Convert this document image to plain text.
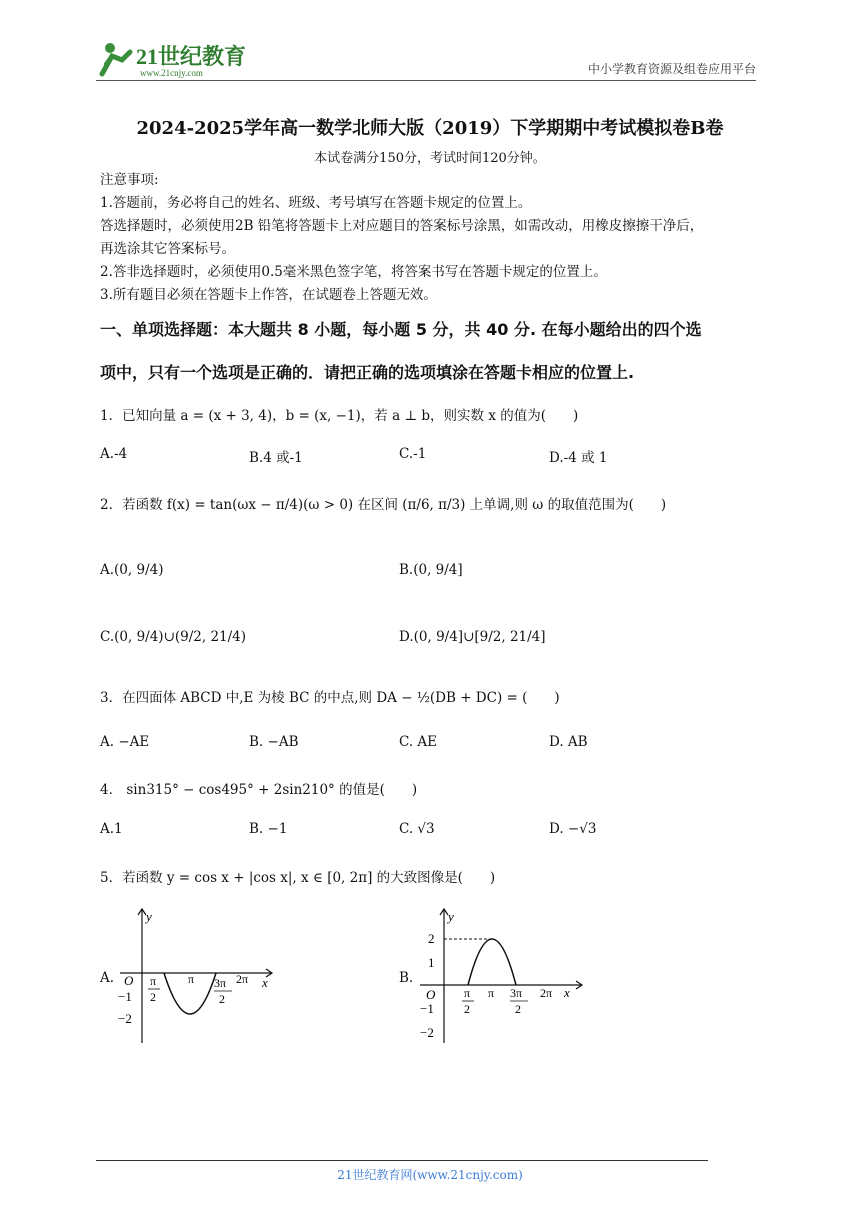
21世纪教育
www.21cnjy.com	中小学教育资源及组卷应用平台
2024-2025学年高一数学北师大版（2019）下学期期中考试模拟卷B卷
本试卷满分150分，考试时间120分钟。
注意事项:
1.答题前，务必将自己的姓名、班级、考号填写在答题卡规定的位置上。
答选择题时，必须使用2B 铅笔将答题卡上对应题目的答案标号涂黑，如需改动，用橡皮擦擦干净后，
再选涂其它答案标号。
2.答非选择题时，必须使用0.5毫米黑色签字笔，将答案书写在答题卡规定的位置上。
3.所有题目必须在答题卡上作答，在试题卷上答题无效。
一、单项选择题：本大题共 8 小题，每小题 5 分，共 40 分. 在每小题给出的四个选
项中，只有一个选项是正确的．请把正确的选项填涂在答题卡相应的位置上.
1．已知向量 a = (x + 3, 4)，b = (x, −1)，若 a ⊥ b，则实数 x 的值为(　　)
A.-4	B.4 或-1	C.-1	D.-4 或 1
2．若函数 f(x) = tan(ωx − π/4)(ω > 0) 在区间 (π/6, π/3) 上单调,则 ω 的取值范围为(　　)
A.(0, 9/4)	B.(0, 9/4]
C.(0, 9/4)∪(9/2, 21/4)	D.(0, 9/4]∪[9/2, 21/4]
3．在四面体 ABCD 中,E 为棱 BC 的中点,则 DA − ½(DB + DC) = (　　)
A. −AE	B. −AB	C. AE	D. AB
4． sin315° − cos495° + 2sin210° 的值是(　　)
A.1	B. −1	C. √3	D. −√3
5．若函数 y = cos x + |cos x|, x ∈ [0, 2π] 的大致图像是(　　)
A.
y
x
O
−1
−2
π
2
π 3π
2
2π	B.
y
x
2
1
O
−1
−2
π
2
π 3π
2
2π
21世纪教育网(www.21cnjy.com)
